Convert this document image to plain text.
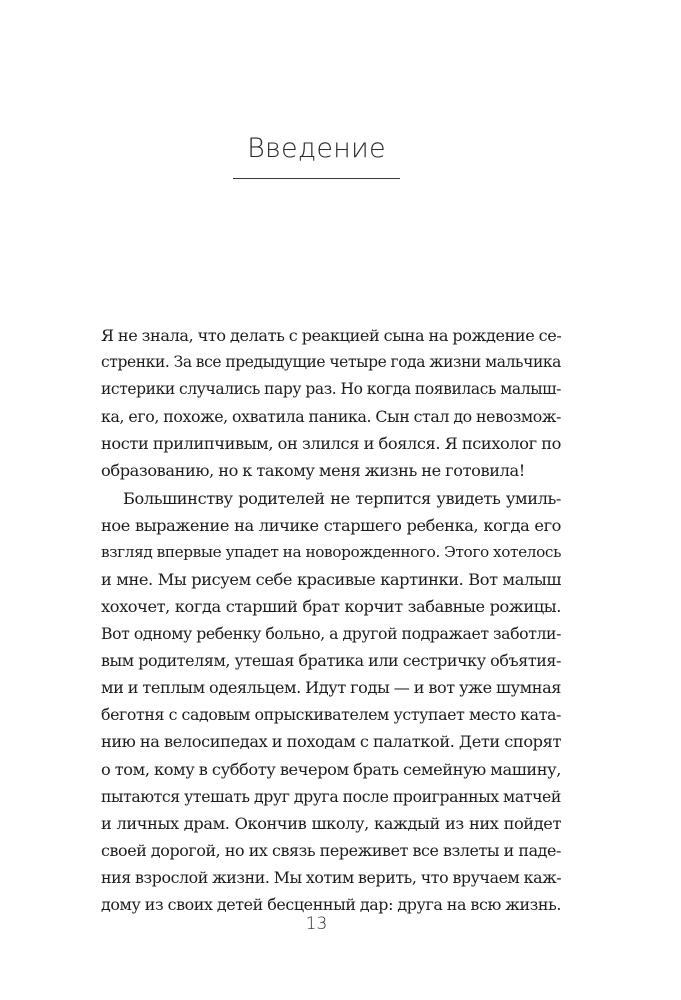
Введение
Я не знала, что делать с реакцией сына на рождение се-
стренки. За все предыдущие четыре года жизни мальчика
истерики случались пару раз. Но когда появилась малыш-
ка, его, похоже, охватила паника. Сын стал до невозмож-
ности прилипчивым, он злился и боялся. Я психолог по
образованию, но к такому меня жизнь не готовила!
Большинству родителей не терпится увидеть умиль-
ное выражение на личике старшего ребенка, когда его
взгляд впервые упадет на новорожденного. Этого хотелось
и мне. Мы рисуем себе красивые картинки. Вот малыш
хохочет, когда старший брат корчит забавные рожицы.
Вот одному ребенку больно, а другой подражает заботли-
вым родителям, утешая братика или сестричку объятия-
ми и теплым одеяльцем. Идут годы — и вот уже шумная
беготня с садовым опрыскивателем уступает место ката-
нию на велосипедах и походам с палаткой. Дети спорят
о том, кому в субботу вечером брать семейную машину,
пытаются утешать друг друга после проигранных матчей
и личных драм. Окончив школу, каждый из них пойдет
своей дорогой, но их связь переживет все взлеты и паде-
ния взрослой жизни. Мы хотим верить, что вручаем каж-
дому из своих детей бесценный дар: друга на всю жизнь.
13
